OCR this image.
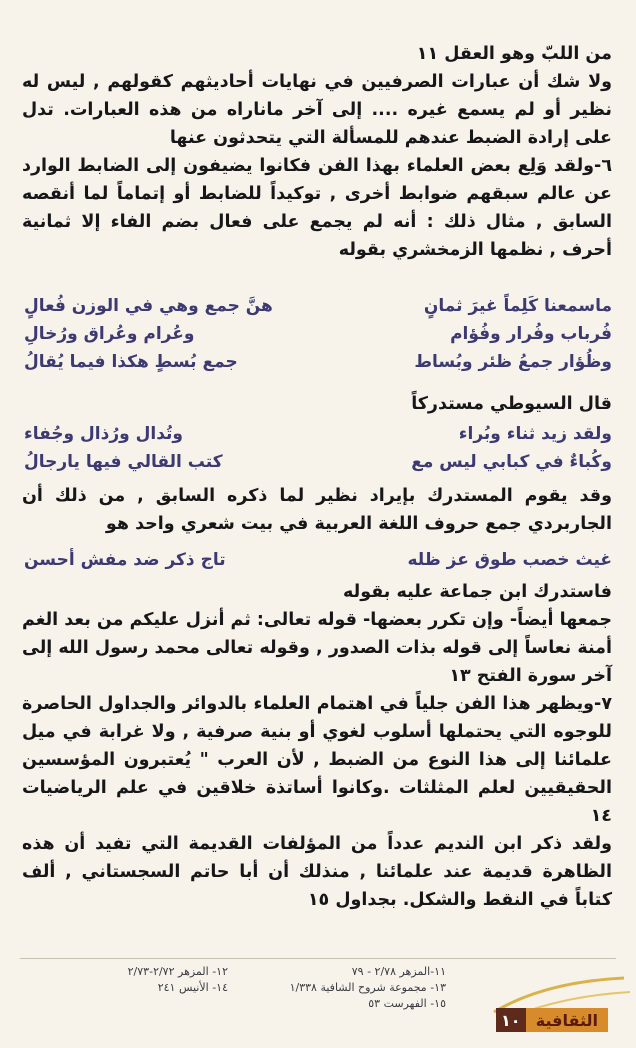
من اللبّ وهو العقل ١١

ولا شك أن عبارات الصرفيين في نهايات أحاديثهم كقولهم , ليس له نظير أو لم يسمع غيره .... إلى آخر ماناراه من هذه العبارات. تدل على إرادة الضبط عندهم للمسألة التي يتحدثون عنها

٦-ولقد وَلِع بعض العلماء بهذا الفن فكانوا يضيفون إلى الضابط الوارد عن عالم سبقهم ضوابط أخرى , توكيداً للضابط أو إتماماً لما أنقصه السابق , مثال ذلك : أنه لم يجمع على فعال بضم الفاء إلا ثمانية أحرف , نظمها الزمخشري بقوله

ماسمعنا كَلِماً غيرَ ثمانٍ
هنَّ جمع وهي في الوزن فُعالٍ
فُرباب وفُرار وفُؤام
وعُرام وعُراق ورُخالِ
وظُؤار جمعُ ظئر وبُساط
جمع بُسطٍ هكذا فيما يُقالُ

قال السيوطي مستدركاً

ولقد زيد ثناء وبُراء
وتُدال ورُذال وجُفاء
وكُباءٌ في كبابي ليس مع
كتب القالي فيها يارجالُ

وقد يقوم المستدرك بإيراد نظير لما ذكره السابق , من ذلك أن الجاربردي جمع حروف اللغة العربية في بيت شعري واحد هو

غيث خصب طوق عز ظله
تاج ذكر ضد مفش أحسن

فاستدرك ابن جماعة عليه بقوله

جمعها أيضاً- وإن تكرر بعضها- قوله تعالى: ثم أنزل عليكم من بعد الغم أمنة نعاساً إلى قوله بذات الصدور , وقوله تعالى محمد رسول الله إلى آخر سورة الفتح ١٣

٧-ويظهر هذا الفن جلياً في اهتمام العلماء بالدوائر والجداول الحاصرة للوجوه التي يحتملها أسلوب لغوي أو بنية صرفية , ولا غرابة في ميل علمائنا إلى هذا النوع من الضبط , لأن العرب " يُعتبرون المؤسسين الحقيقيين لعلم المثلثات .وكانوا أساتذة خلاقين في علم الرياضيات ١٤

ولقد ذكر ابن النديم عدداً من المؤلفات القديمة التي تفيد أن هذه الظاهرة قديمة عند علمائنا , منذلك أن أبا حاتم السجستاني , ألف كتاباً في النقط والشكل. بجداول ١٥

١١-المزهر ٢/٧٨ - ٧٩
١٢- المزهر ٢/٧٢-٢/٧٣
١٣- مجموعة شروح الشافية ١/٣٣٨
١٤- الأنيس ٢٤١
١٥- الفهرست ٥٣
الثقافية
١٠
